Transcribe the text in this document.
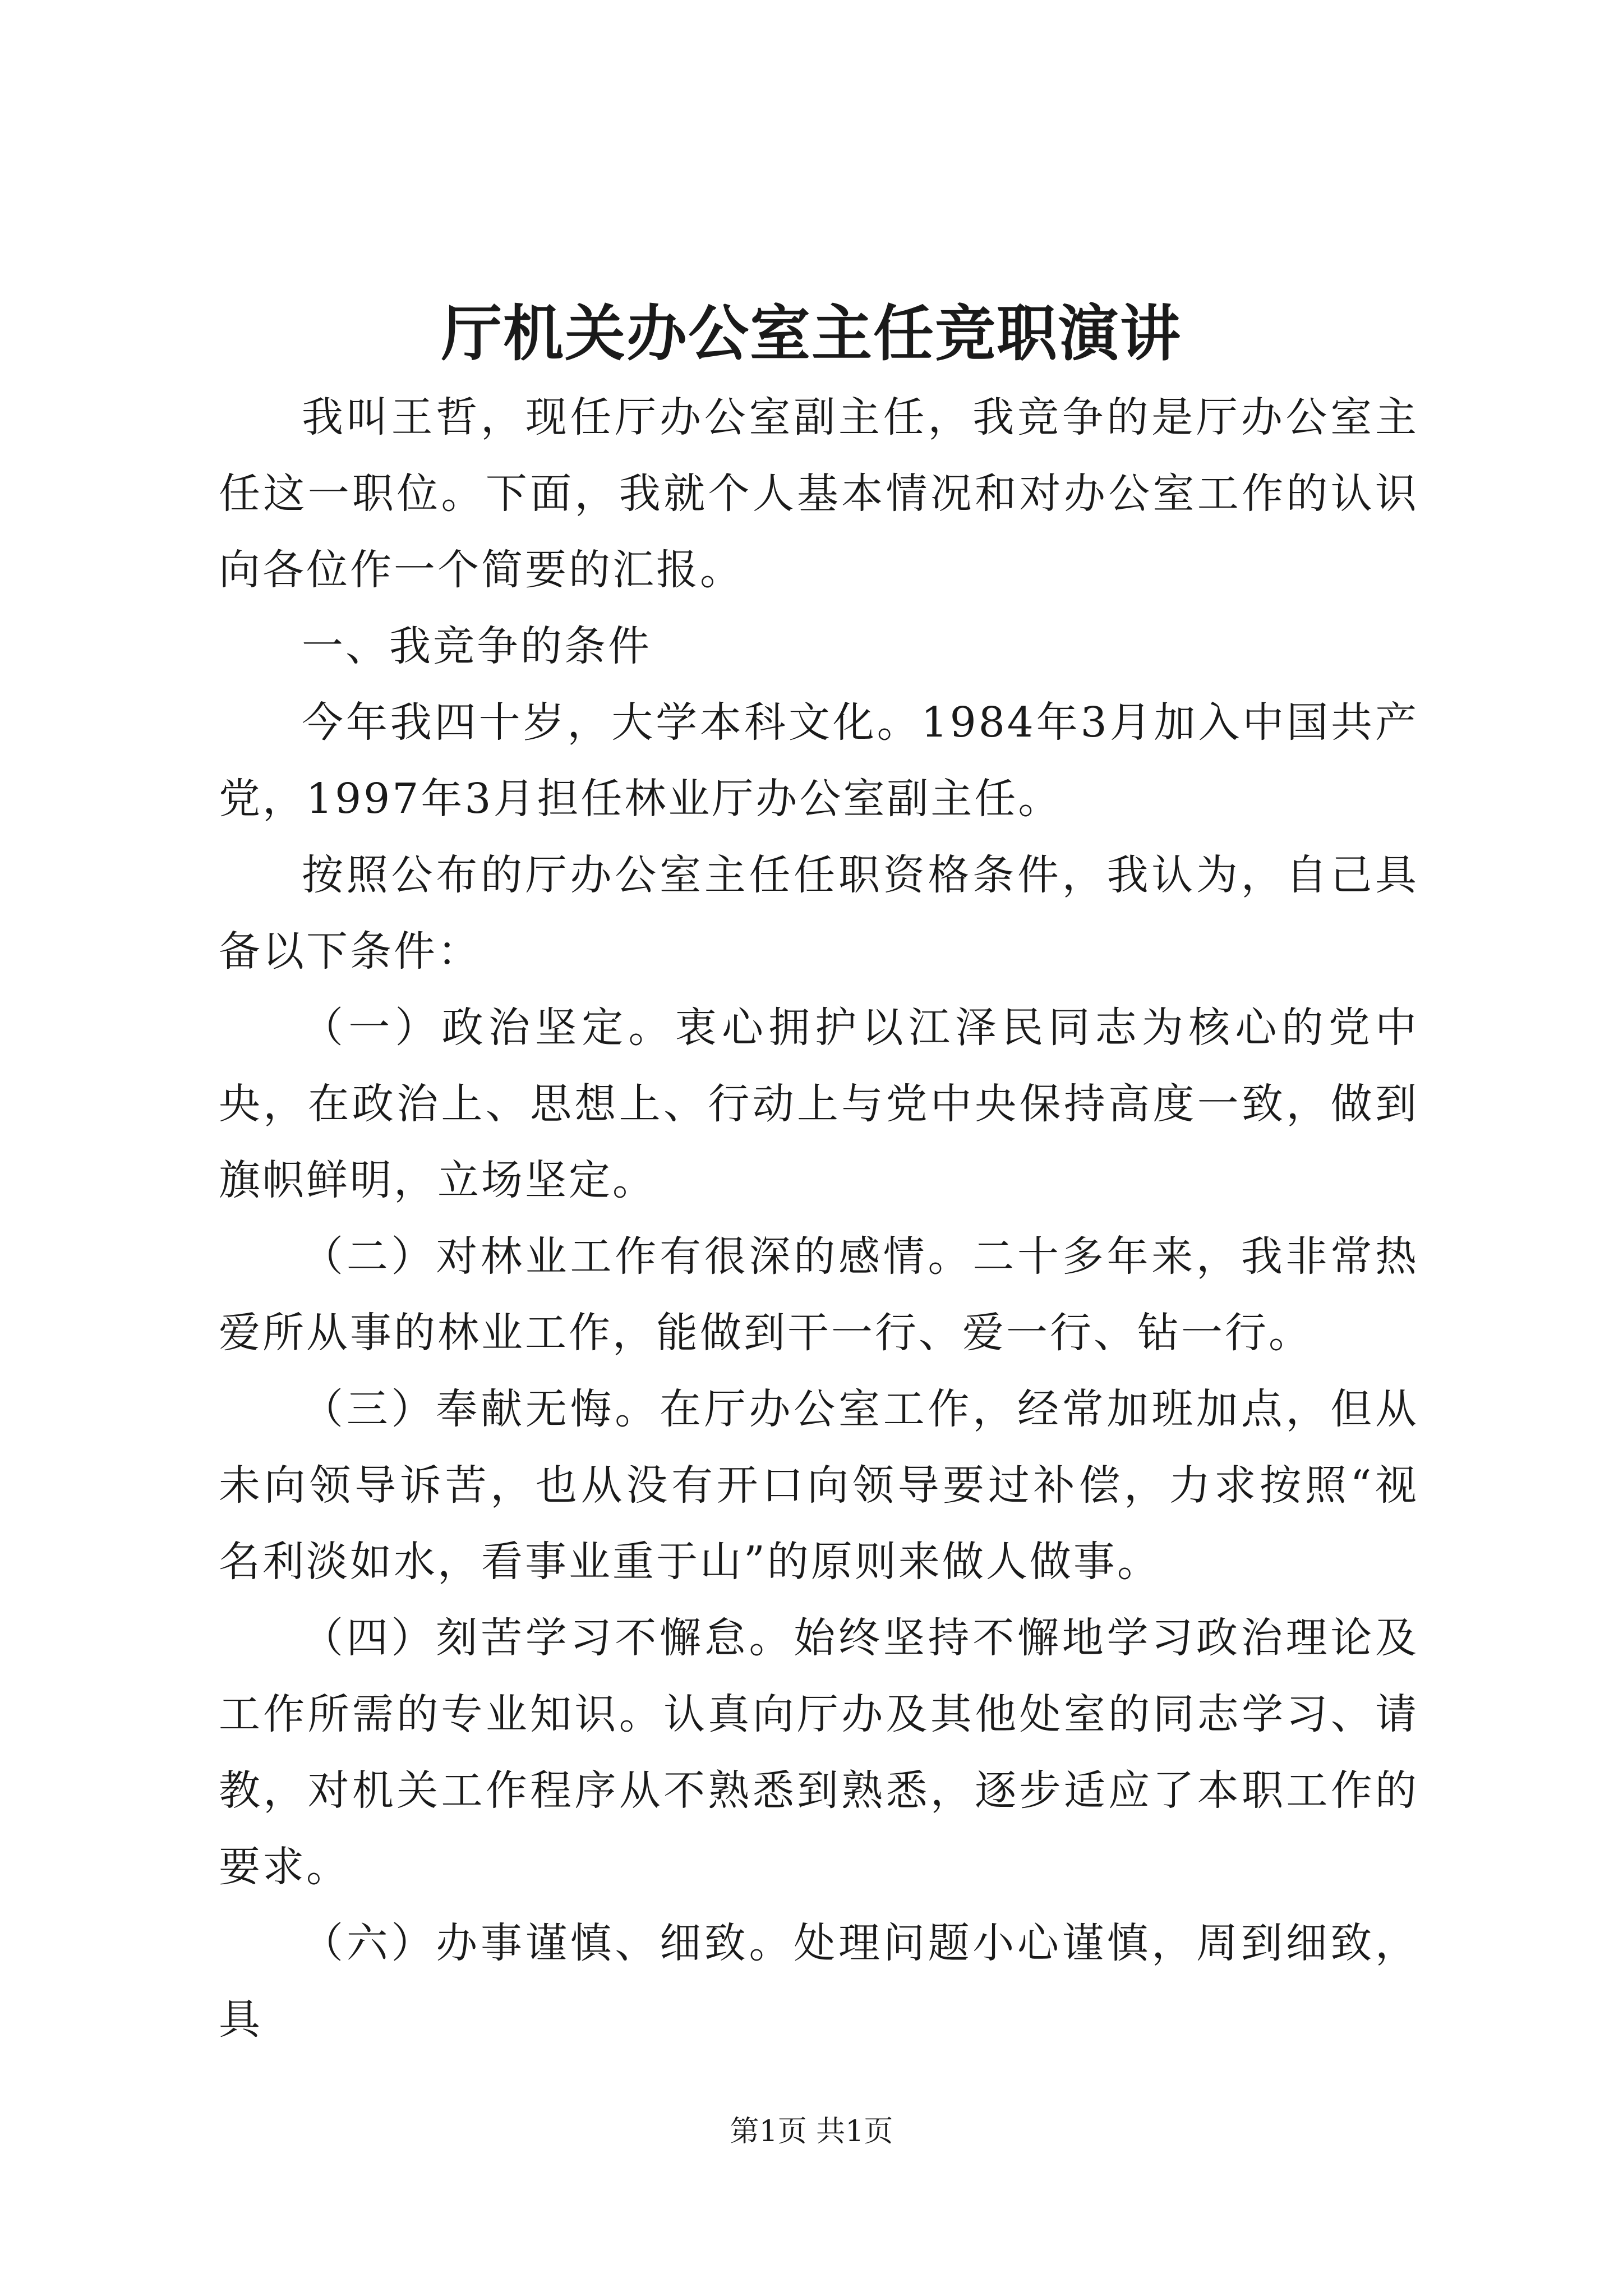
厅机关办公室主任竞职演讲

我叫王哲，现任厅办公室副主任，我竞争的是厅办公室主任这一职位。下面，我就个人基本情况和对办公室工作的认识向各位作一个简要的汇报。

一、我竞争的条件

今年我四十岁，大学本科文化。1984年3月加入中国共产党，1997年3月担任林业厅办公室副主任。

按照公布的厅办公室主任任职资格条件，我认为，自己具备以下条件：

（一）政治坚定。衷心拥护以江泽民同志为核心的党中央，在政治上、思想上、行动上与党中央保持高度一致，做到旗帜鲜明，立场坚定。

（二）对林业工作有很深的感情。二十多年来，我非常热爱所从事的林业工作，能做到干一行、爱一行、钻一行。

（三）奉献无悔。在厅办公室工作，经常加班加点，但从未向领导诉苦，也从没有开口向领导要过补偿，力求按照“视名利淡如水，看事业重于山”的原则来做人做事。

（四）刻苦学习不懈怠。始终坚持不懈地学习政治理论及工作所需的专业知识。认真向厅办及其他处室的同志学习、请教，对机关工作程序从不熟悉到熟悉，逐步适应了本职工作的要求。

（六）办事谨慎、细致。处理问题小心谨慎，周到细致，具

第1页 共1页
